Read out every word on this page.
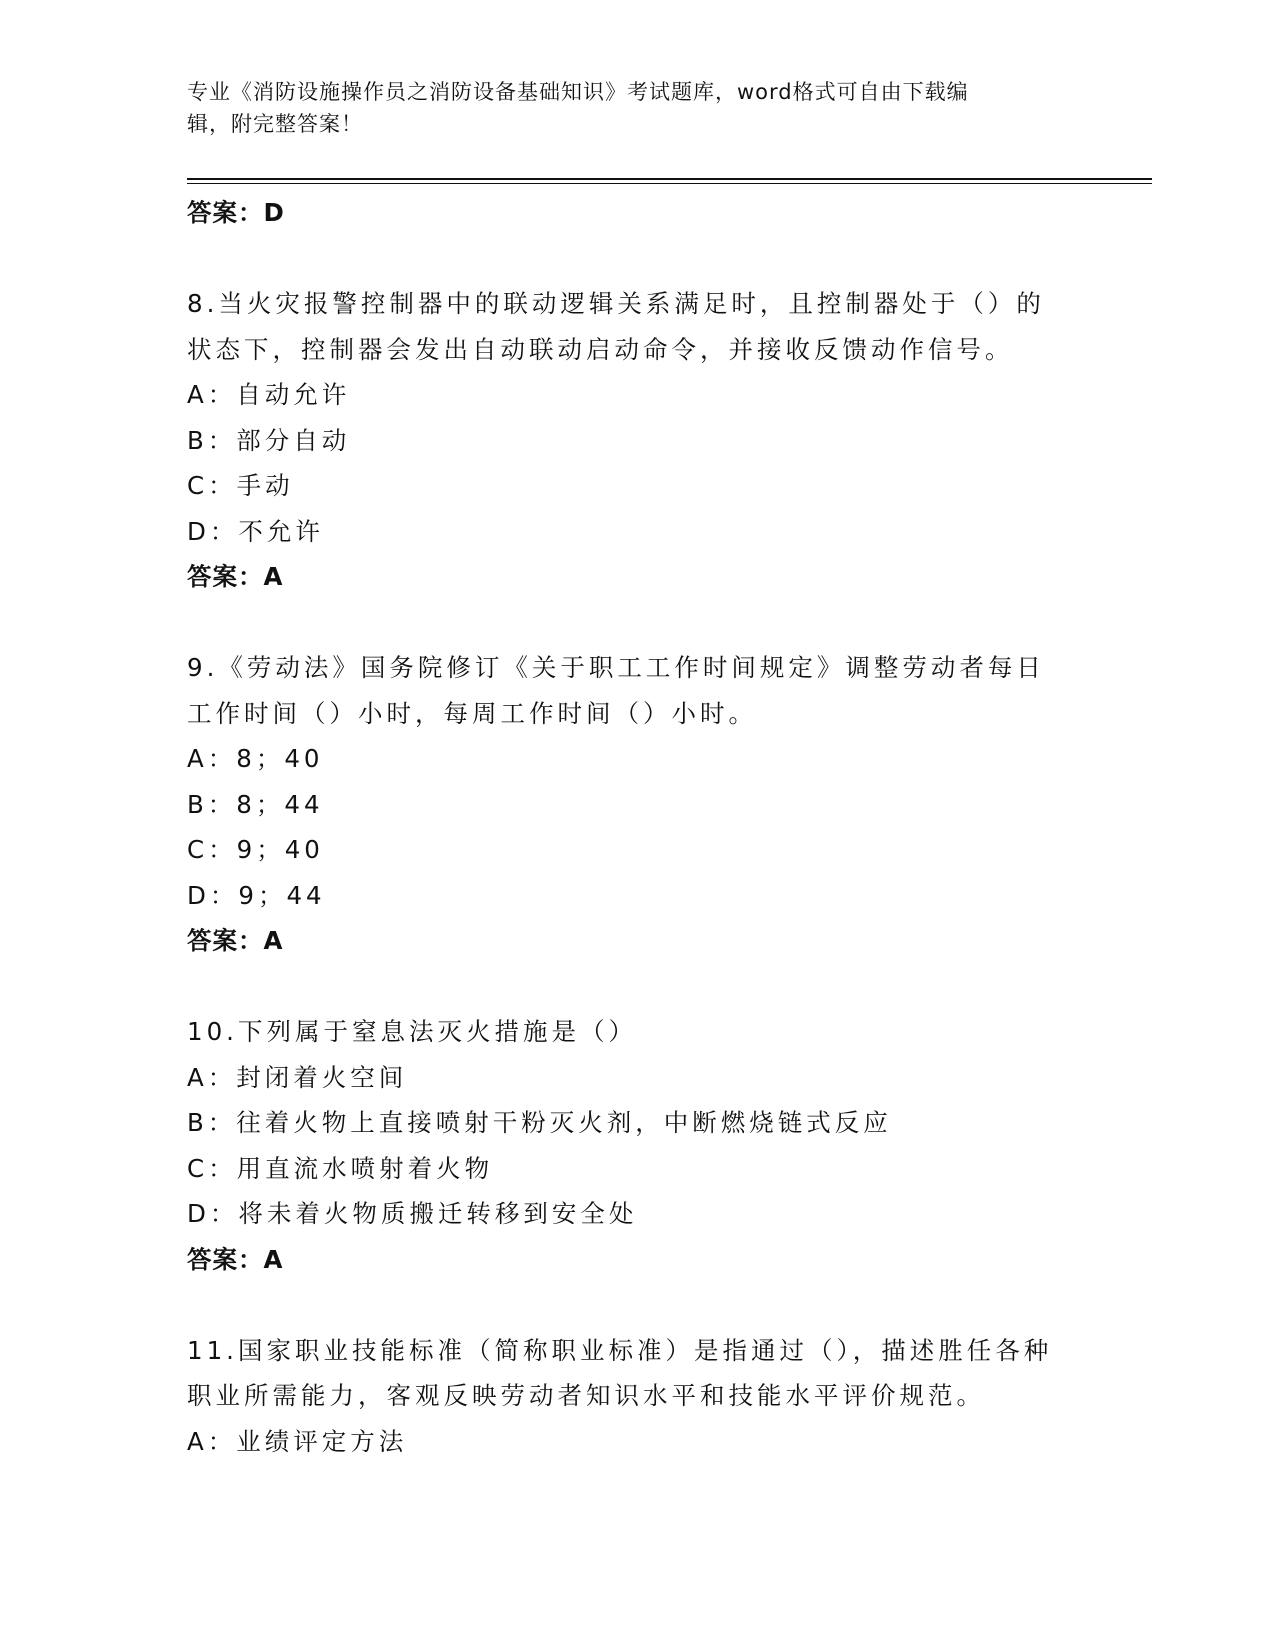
专业《消防设施操作员之消防设备基础知识》考试题库，word格式可自由下载编
辑，附完整答案！
答案：D
8.当火灾报警控制器中的联动逻辑关系满足时，且控制器处于（）的
状态下，控制器会发出自动联动启动命令，并接收反馈动作信号。
A：自动允许
B：部分自动
C：手动
D：不允许
答案：A
9.《劳动法》国务院修订《关于职工工作时间规定》调整劳动者每日
工作时间（）小时，每周工作时间（）小时。
A：8；40
B：8；44
C：9；40
D：9；44
答案：A
10.下列属于窒息法灭火措施是（）
A：封闭着火空间
B：往着火物上直接喷射干粉灭火剂，中断燃烧链式反应
C：用直流水喷射着火物
D：将未着火物质搬迁转移到安全处
答案：A
11.国家职业技能标准（简称职业标准）是指通过（），描述胜任各种
职业所需能力，客观反映劳动者知识水平和技能水平评价规范。
A：业绩评定方法
